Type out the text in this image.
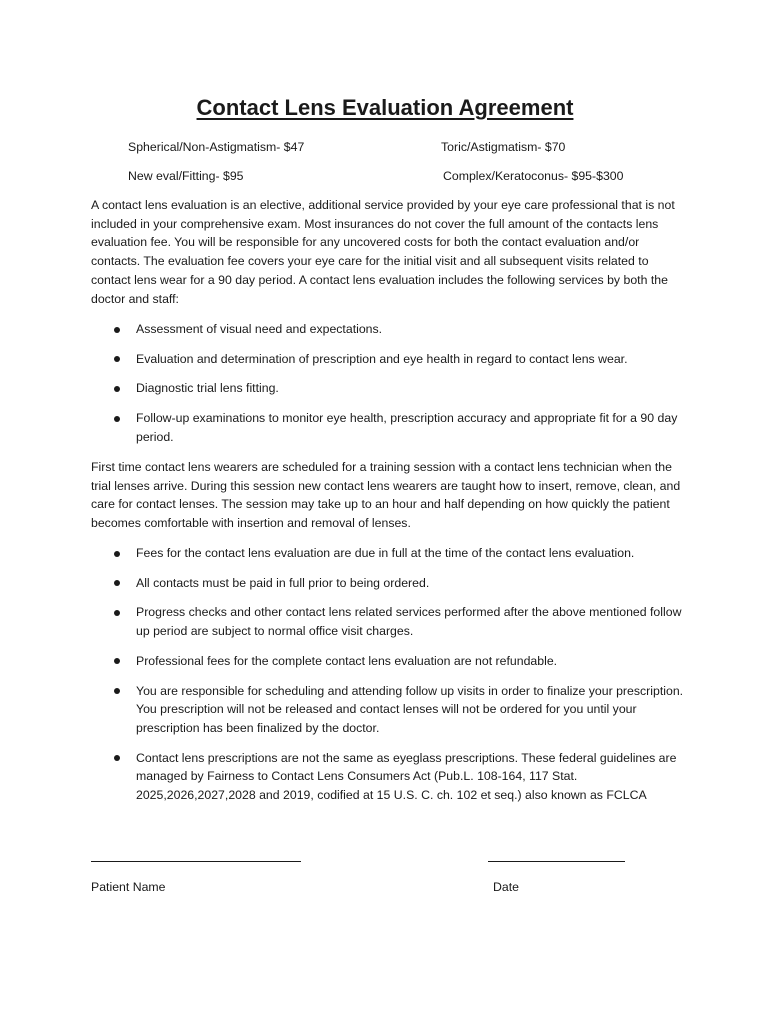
Contact Lens Evaluation Agreement
Spherical/Non-Astigmatism- $47	Toric/Astigmatism- $70
New eval/Fitting- $95	Complex/Keratoconus- $95-$300

A contact lens evaluation is an elective, additional service provided by your eye care professional that is not included in your comprehensive exam. Most insurances do not cover the full amount of the contacts lens evaluation fee. You will be responsible for any uncovered costs for both the contact evaluation and/or contacts. The evaluation fee covers your eye care for the initial visit and all subsequent visits related to contact lens wear for a 90 day period. A contact lens evaluation includes the following services by both the doctor and staff:

Assessment of visual need and expectations.
Evaluation and determination of prescription and eye health in regard to contact lens wear.
Diagnostic trial lens fitting.
Follow-up examinations to monitor eye health, prescription accuracy and appropriate fit for a 90 day period.

First time contact lens wearers are scheduled for a training session with a contact lens technician when the trial lenses arrive. During this session new contact lens wearers are taught how to insert, remove, clean, and care for contact lenses. The session may take up to an hour and half depending on how quickly the patient becomes comfortable with insertion and removal of lenses.

Fees for the contact lens evaluation are due in full at the time of the contact lens evaluation.
All contacts must be paid in full prior to being ordered.
Progress checks and other contact lens related services performed after the above mentioned follow up period are subject to normal office visit charges.
Professional fees for the complete contact lens evaluation are not refundable.
You are responsible for scheduling and attending follow up visits in order to finalize your prescription. You prescription will not be released and contact lenses will not be ordered for you until your prescription has been finalized by the doctor.
Contact lens prescriptions are not the same as eyeglass prescriptions. These federal guidelines are managed by Fairness to Contact Lens Consumers Act (Pub.L. 108-164, 117 Stat. 2025,2026,2027,2028 and 2019, codified at 15 U.S. C. ch. 102 et seq.) also known as FCLCA
Patient Name	Date
